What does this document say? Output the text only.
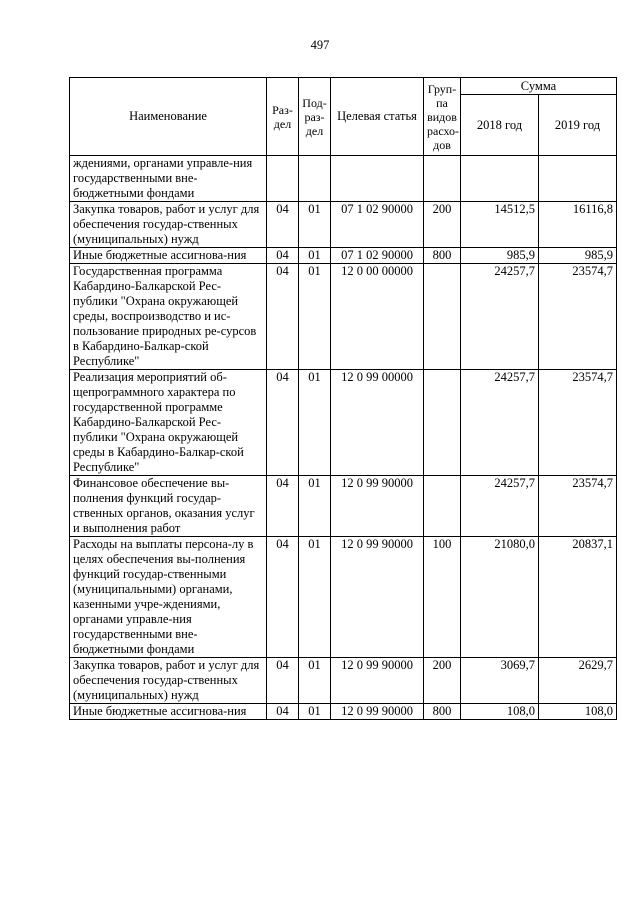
497
Наименование	Раз-дел	Под-раз-дел	Целевая статья	Груп-па видов расхо-дов	Сумма	
					2018 год	2019 год
ждениями, органами управле-ния государственными вне-бюджетными фондами						
Закупка товаров, работ и услуг для обеспечения государ-ственных (муниципальных) нужд	04	01	07 1 02 90000	200	14512,5	16116,8
Иные бюджетные ассигнова-ния	04	01	07 1 02 90000	800	985,9	985,9
Государственная программа Кабардино-Балкарской Рес-публики "Охрана окружающей среды, воспроизводство и ис-пользование природных ре-сурсов в Кабардино-Балкар-ской Республике"	04	01	12 0 00 00000		24257,7	23574,7
Реализация мероприятий об-щепрограммного характера по государственной программе Кабардино-Балкарской Рес-публики "Охрана окружающей среды в Кабардино-Балкар-ской Республике"	04	01	12 0 99 00000		24257,7	23574,7
Финансовое обеспечение вы-полнения функций государ-ственных органов, оказания услуг и выполнения работ	04	01	12 0 99 90000		24257,7	23574,7
Расходы на выплаты персона-лу в целях обеспечения вы-полнения функций государ-ственными (муниципальными) органами, казенными учре-ждениями, органами управле-ния государственными вне-бюджетными фондами	04	01	12 0 99 90000	100	21080,0	20837,1
Закупка товаров, работ и услуг для обеспечения государ-ственных (муниципальных) нужд	04	01	12 0 99 90000	200	3069,7	2629,7
Иные бюджетные ассигнова-ния	04	01	12 0 99 90000	800	108,0	108,0
